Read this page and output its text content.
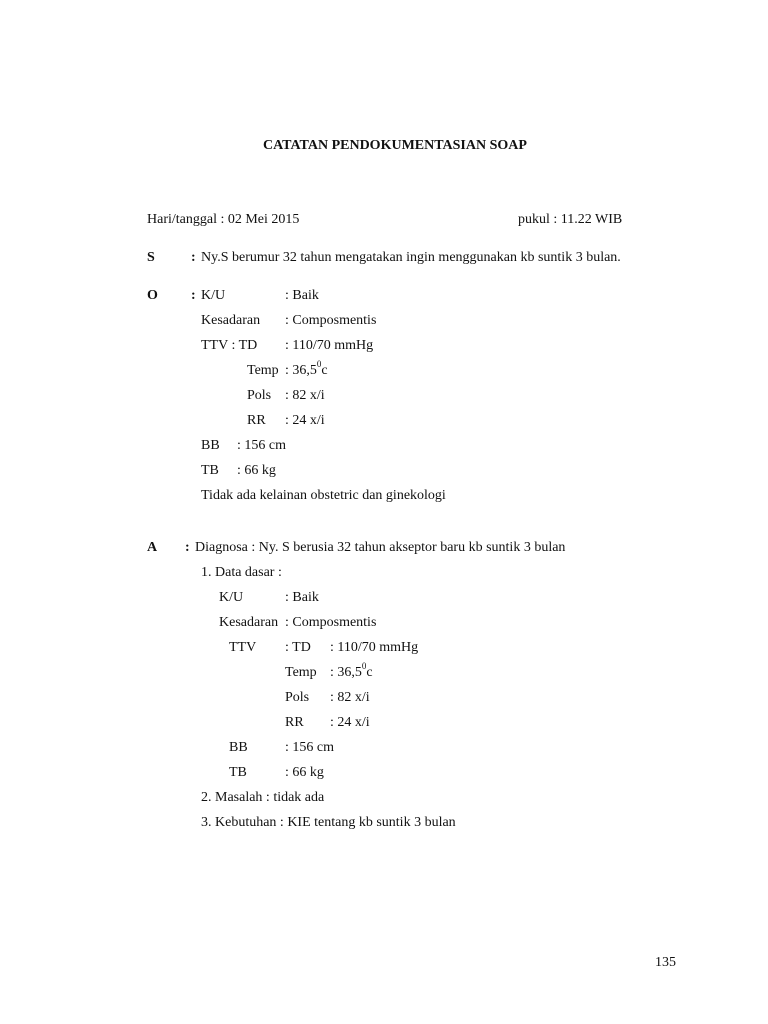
CATATAN PENDOKUMENTASIAN SOAP
Hari/tanggal : 02 Mei 2015	pukul : 11.22 WIB
S	: Ny.S berumur 32 tahun mengatakan ingin menggunakan kb suntik 3 bulan.
O : K/U	: Baik
Kesadaran : Composmentis
TTV : TD : 110/70 mmHg
Temp : 36,5$^0$c
Pols : 82 x/i
RR : 24 x/i
BB : 156 cm
TB : 66 kg
Tidak ada kelainan obstetric dan ginekologi
A : Diagnosa : Ny. S berusia 32 tahun akseptor baru kb suntik 3 bulan
1. Data dasar :
K/U	: Baik
Kesadaran : Composmentis
TTV : TD : 110/70 mmHg
Temp : 36,5$^0$c
Pols : 82 x/i
RR : 24 x/i
BB	: 156 cm
TB	: 66 kg
2. Masalah : tidak ada
3. Kebutuhan : KIE tentang kb suntik 3 bulan
135
